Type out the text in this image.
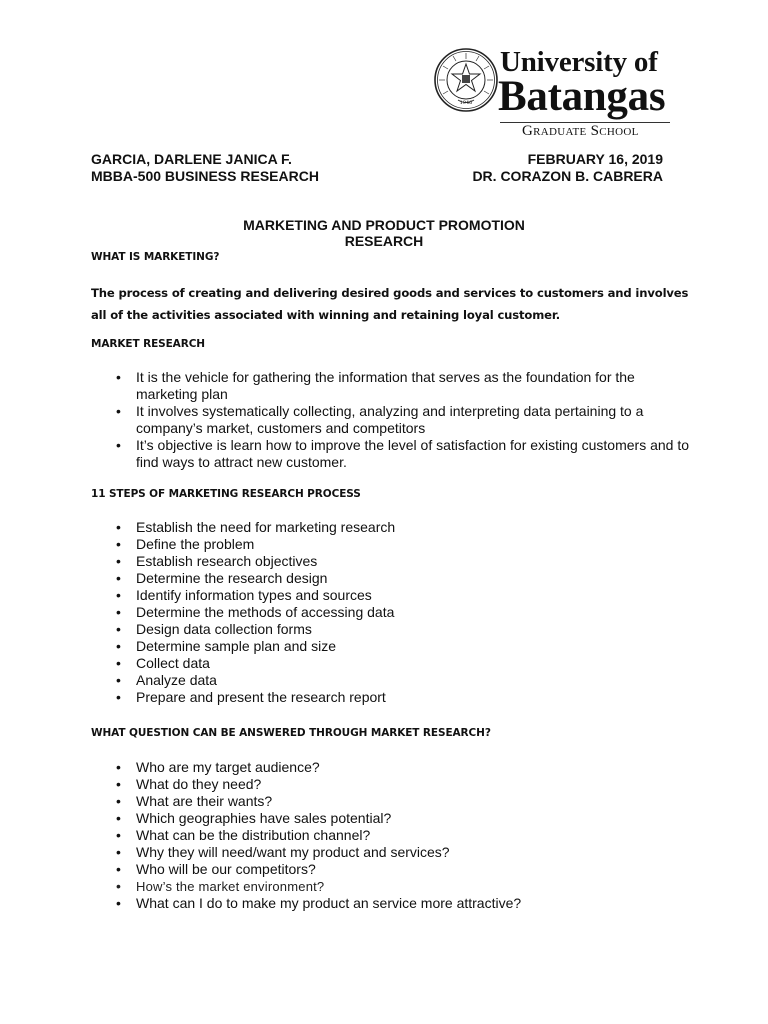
1946
University of
Batangas
Graduate School
GARCIA, DARLENE JANICA F.
MBBA-500 BUSINESS RESEARCH
FEBRUARY 16, 2019
DR. CORAZON B. CABRERA
MARKETING AND PRODUCT PROMOTION
RESEARCH
WHAT IS MARKETING?
The process of creating and delivering desired goods and services to customers and involves all of the activities associated with winning and retaining loyal customer.
MARKET RESEARCH
• It is the vehicle for gathering the information that serves as the foundation for the marketing plan
• It involves systematically collecting, analyzing and interpreting data pertaining to a company’s market, customers and competitors
• It’s objective is learn how to improve the level of satisfaction for existing customers and to find ways to attract new customer.
11 STEPS OF MARKETING RESEARCH PROCESS
• Establish the need for marketing research
• Define the problem
• Establish research objectives
• Determine the research design
• Identify information types and sources
• Determine the methods of accessing data
• Design data collection forms
• Determine sample plan and size
• Collect data
• Analyze data
• Prepare and present the research report
WHAT QUESTION CAN BE ANSWERED THROUGH MARKET RESEARCH?
• Who are my target audience?
• What do they need?
• What are their wants?
• Which geographies have sales potential?
• What can be the distribution channel?
• Why they will need/want my product and services?
• Who will be our competitors?
• How’s the market environment?
• What can I do to make my product an service more attractive?
